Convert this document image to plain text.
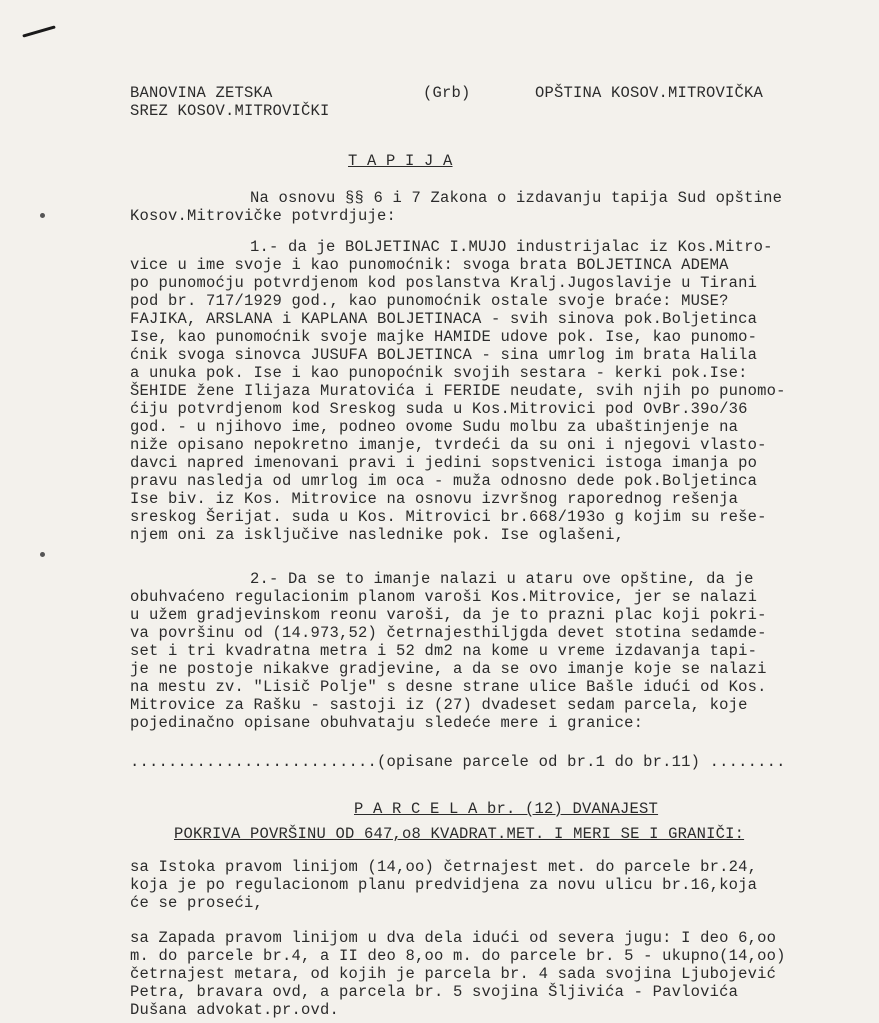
BANOVINA ZETSKA
SREZ KOSOV.MITROVIČKI
(Grb)	OPŠTINA KOSOV.MITROVIČKA
T A P I J A
Na osnovu §§ 6 i 7 Zakona o izdavanju tapija Sud opštine
Kosov.Mitrovičke potvrdjuje:
1.- da je BOLJETINAC I.MUJO industrijalac iz Kos.Mitro-
vice u ime svoje i kao punomoćnik: svoga brata BOLJETINCA ADEMA
po punomoćju potvrdjenom kod poslanstva Kralj.Jugoslavije u Tirani
pod br. 717/1929 god., kao punomoćnik ostale svoje braće: MUSE?
FAJIKA, ARSLANA i KAPLANA BOLJETINACA - svih sinova pok.Boljetinca
Ise, kao punomoćnik svoje majke HAMIDE udove pok. Ise, kao punomo-
ćnik svoga sinovca JUSUFA BOLJETINCA - sina umrlog im brata Halila
a unuka pok. Ise i kao punopoćnik svojih sestara - kerki pok.Ise:
ŠEHIDE žene Ilijaza Muratovića i FERIDE neudate, svih njih po punomo-
ćiju potvrdjenom kod Sreskog suda u Kos.Mitrovici pod OvBr.39o/36
god. - u njihovo ime, podneo ovome Sudu molbu za ubaštinjenje na
niže opisano nepokretno imanje, tvrdeći da su oni i njegovi vlasto-
davci napred imenovani pravi i jedini sopstvenici istoga imanja po
pravu nasledja od umrlog im oca - muža odnosno dede pok.Boljetinca
Ise biv. iz Kos. Mitrovice na osnovu izvršnog raporednog rešenja
sreskog Šerijat. suda u Kos. Mitrovici br.668/193o g kojim su reše-
njem oni za isključive naslednike pok. Ise oglašeni,
2.- Da se to imanje nalazi u ataru ove opštine, da je
obuhvaćeno regulacionim planom varoši Kos.Mitrovice, jer se nalazi
u užem gradjevinskom reonu varoši, da je to prazni plac koji pokri-
va površinu od (14.973,52) četrnajesthiljgda devet stotina sedamde-
set i tri kvadratna metra i 52 dm2 na kome u vreme izdavanja tapi-
je ne postoje nikakve gradjevine, a da se ovo imanje koje se nalazi
na mestu zv. "Lisič Polje" s desne strane ulice Bašle idući od Kos.
Mitrovice za Rašku - sastoji iz (27) dvadeset sedam parcela, koje
pojedinačno opisane obuhvataju sledeće mere i granice:
..........................(opisane parcele od br.1 do br.11) ........
P A R C E L A br. (12) DVANAJEST
POKRIVA POVRŠINU OD 647,o8 KVADRAT.MET. I MERI SE I GRANIČI:
sa Istoka pravom linijom (14,oo) četrnajest met. do parcele br.24,
koja je po regulacionom planu predvidjena za novu ulicu br.16,koja
će se proseći,
sa Zapada pravom linijom u dva dela idući od severa jugu: I deo 6,oo
m. do parcele br.4, a II deo 8,oo m. do parcele br. 5 - ukupno(14,oo)
četrnajest metara, od kojih je parcela br. 4 sada svojina Ljubojević
Petra, bravara ovd, a parcela br. 5 svojina Šljivića - Pavlovića
Dušana advokat.pr.ovd.
